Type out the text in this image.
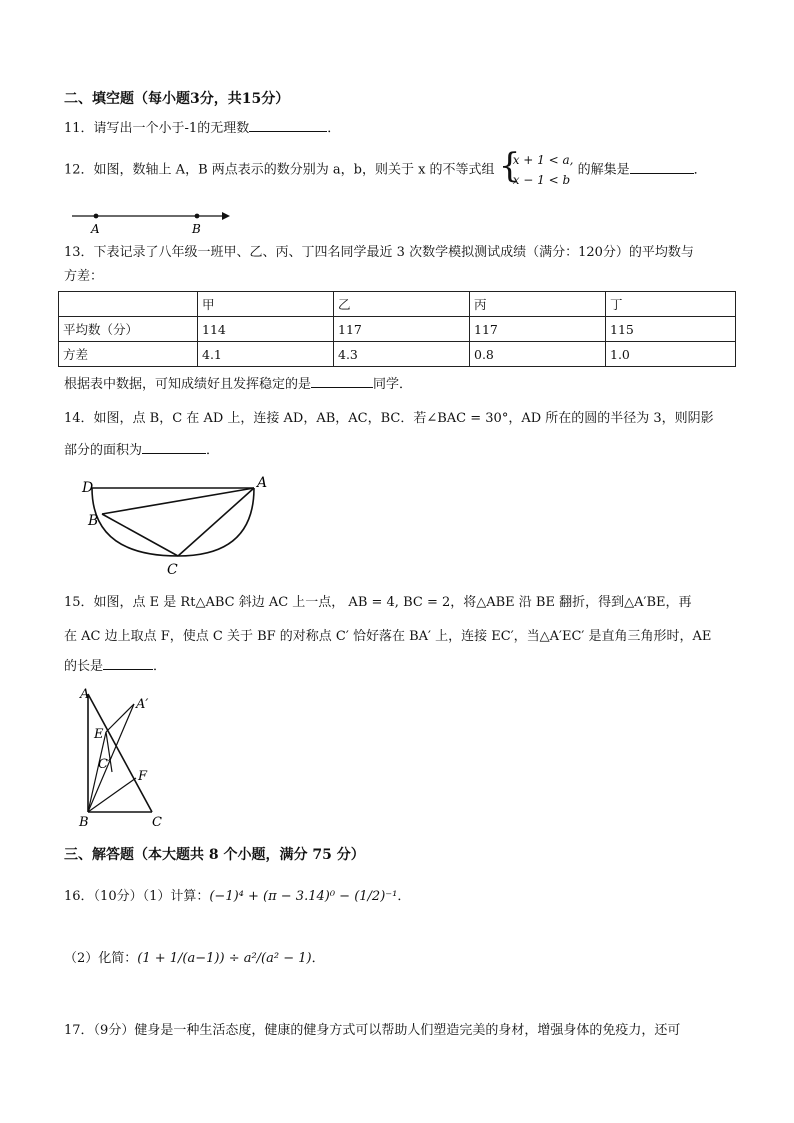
二、填空题（每小题3分，共15分）
11．请写出一个小于-1的无理数	．
12．如图，数轴上 A，B 两点表示的数分别为 a，b，则关于 x 的不等式组 {
x + 1 < a,
x − 1 < b
的解集是	．
A	B
13．下表记录了八年级一班甲、乙、丙、丁四名同学最近 3 次数学模拟测试成绩（满分：120分）的平均数与
方差：
	甲	乙	丙	丁
平均数（分）	114	117	117	115
方差	4.1	4.3	0.8	1.0
根据表中数据，可知成绩好且发挥稳定的是	同学．
14．如图，点 B，C 在 AD 上，连接 AD，AB，AC，BC．若∠BAC = 30°，AD 所在的圆的半径为 3，则阴影
部分的面积为	．
D	A
B
C
15．如图，点 E 是 Rt△ABC 斜边 AC 上一点， AB = 4, BC = 2，将△ABE 沿 BE 翻折，得到△A′BE，再
在 AC 边上取点 F，使点 C 关于 BF 的对称点 C′ 恰好落在 BA′ 上，连接 EC′，当△A′EC′ 是直角三角形时，AE
的长是	．
A
A′
E
C′
F
B	C
三、解答题（本大题共 8 个小题，满分 75 分）
16．（10分）（1）计算：(−1)⁴ + (π − 3.14)⁰ − (1/2)⁻¹．
（2）化简：(1 + 1/(a−1)) ÷ a²/(a² − 1)．
17．（9分）健身是一种生活态度，健康的健身方式可以帮助人们塑造完美的身材，增强身体的免疫力，还可
